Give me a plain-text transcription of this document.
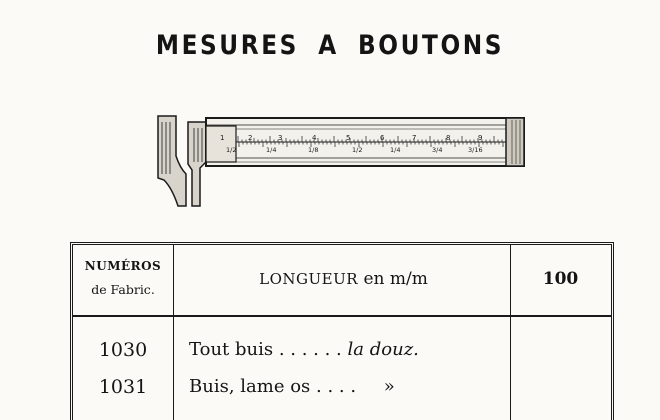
MESURES A BOUTONS
1	2	3	4	5	6	7	8	9
1/2	1/4	1/8	1/2	1/4	3/4	3/16
NUMÉROS
de Fabric.
LONGUEUR en m/m	100
1030	Tout buis . . . . . . la douz.
1031	Buis, lame os . . . . »
